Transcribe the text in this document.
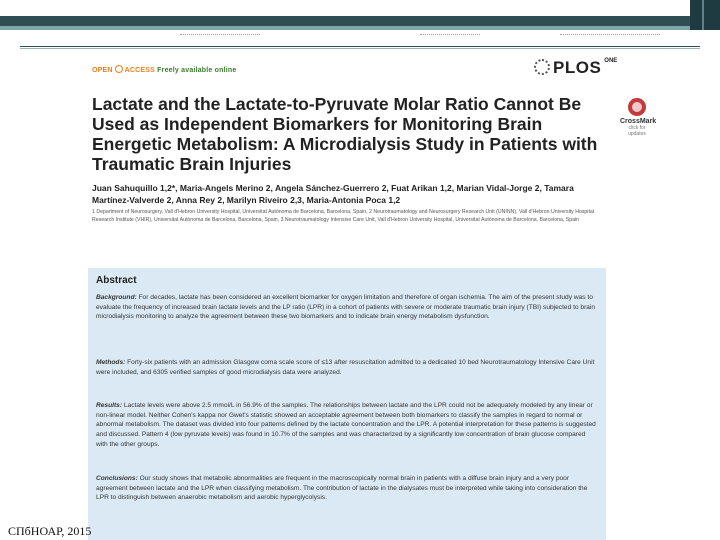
OPEN ACCESS Freely available online	PLOS $^{ONE}$
Lactate and the Lactate-to-Pyruvate Molar Ratio Cannot Be Used as Independent Biomarkers for Monitoring Brain Energetic Metabolism: A Microdialysis Study in Patients with Traumatic Brain Injuries
CrossMark
click for updates

Juan Sahuquillo 1,2*, Maria-Angels Merino 2, Angela Sánchez-Guerrero 2, Fuat Arikan 1,2, Marian Vidal-Jorge 2, Tamara Martínez-Valverde 2, Anna Rey 2, Marilyn Riveiro 2,3, Maria-Antonia Poca 1,2

1 Department of Neurosurgery, Vall d'Hebron University Hospital, Universitat Autònoma de Barcelona, Barcelona, Spain, 2 Neurotraumatology and Neurosurgery Research Unit (UNINN), Vall d'Hebron University Hospital Research Institute (VHIR), Universitat Autònoma de Barcelona, Barcelona, Spain, 3 Neurotraumatology Intensive Care Unit, Vall d'Hebron University Hospital, Universitat Autònoma de Barcelona, Barcelona, Spain

Abstract

Background: For decades, lactate has been considered an excellent biomarker for oxygen limitation and therefore of organ ischemia. The aim of the present study was to evaluate the frequency of increased brain lactate levels and the LP ratio (LPR) in a cohort of patients with severe or moderate traumatic brain injury (TBI) subjected to brain microdialysis monitoring to analyze the agreement between these two biomarkers and to indicate brain energy metabolism dysfunction.

Methods: Forty-six patients with an admission Glasgow coma scale score of ≤13 after resuscitation admitted to a dedicated 10 bed Neurotraumatology Intensive Care Unit were included, and 6305 verified samples of good microdialysis data were analyzed.

Results: Lactate levels were above 2.5 mmol/L in 56.9% of the samples. The relationships between lactate and the LPR could not be adequately modeled by any linear or non-linear model. Neither Cohen's kappa nor Gwet's statistic showed an acceptable agreement between both biomarkers to classify the samples in regard to normal or abnormal metabolism. The dataset was divided into four patterns defined by the lactate concentration and the LPR. A potential interpretation for these patterns is suggested and discussed. Pattern 4 (low pyruvate levels) was found in 10.7% of the samples and was characterized by a significantly low concentration of brain glucose compared with the other groups.

Conclusions: Our study shows that metabolic abnormalities are frequent in the macroscopically normal brain in patients with a diffuse brain injury and a very poor agreement between lactate and the LPR when classifying metabolism. The contribution of lactate in the dialysates must be interpreted while taking into consideration the LPR to distinguish between anaerobic metabolism and aerobic hyperglycolysis.

СПбНОАР, 2015
